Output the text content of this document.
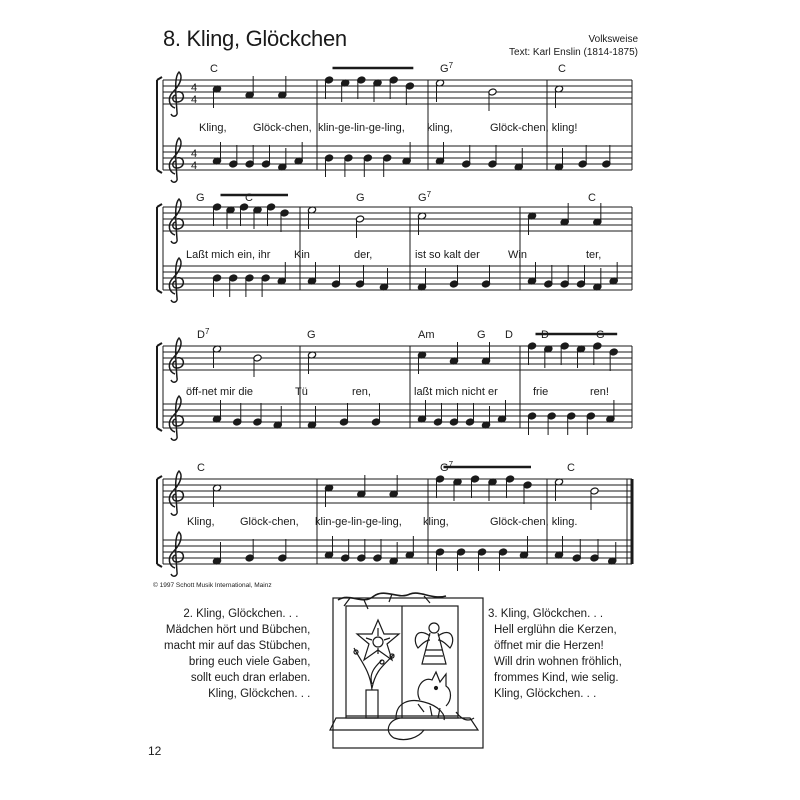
8. Kling, Glöckchen	Volksweise
Text: Karl Enslin (1814-1875)
4
4
4
4
C	$G^7$	C
Kling, Glöck-chen, klin-ge-lin-ge-ling, kling,	Glöck-chen, kling!
G	C	G	$G^7$	C
Laßt mich ein, ihr Kin	der,	ist so kalt der	Win	ter,
$D^7$	G	Am	G D	D	G
öff-net mir die	Tü	ren,	laßt mich nicht er	frie	ren!
C	$G^7$	C
Kling, Glöck-chen, klin-ge-lin-ge-ling, kling,	Glöck-chen, kling.
© 1997 Schott Musik International, Mainz
2. Kling, Glöckchen. . .
Mädchen hört und Bübchen,
macht mir auf das Stübchen,
bring euch viele Gaben,
sollt euch dran erlaben.
Kling, Glöckchen. . .
3. Kling, Glöckchen. . .
Hell erglühn die Kerzen,
öffnet mir die Herzen!
Will drin wohnen fröhlich,
frommes Kind, wie selig.
Kling, Glöckchen. . .
12
